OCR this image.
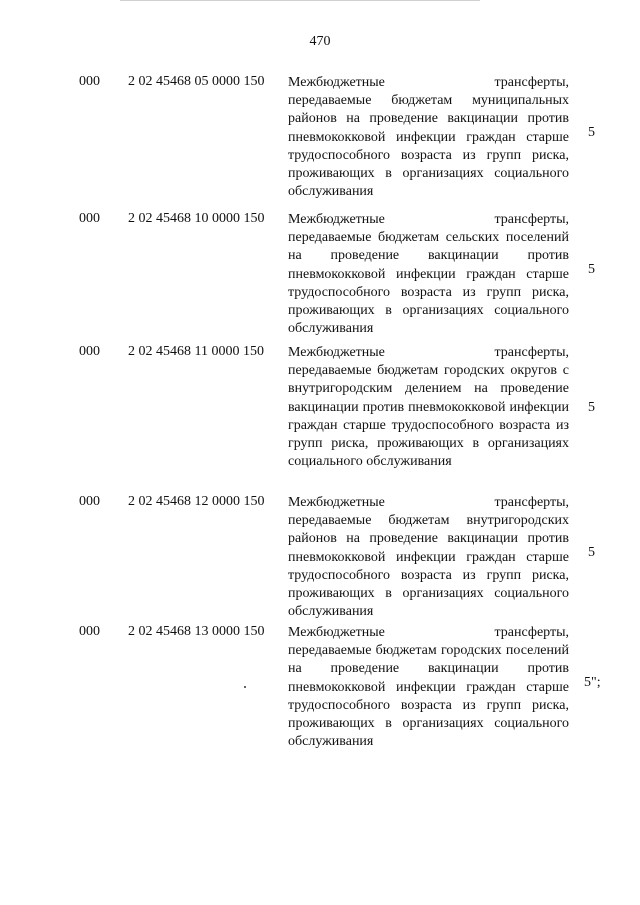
470
000 2 02 45468 05 0000 150 Межбюджетные трансферты,
передаваемые бюджетам муниципальных районов на проведение вакцинации против пневмококковой инфекции граждан старше трудоспособного возраста из групп риска, проживающих в организациях социального обслуживания
5
000 2 02 45468 10 0000 150 Межбюджетные трансферты,
передаваемые бюджетам сельских поселений на проведение вакцинации против пневмококковой инфекции граждан старше трудоспособного возраста из групп риска, проживающих в организациях социального обслуживания
5
000 2 02 45468 11 0000 150 Межбюджетные трансферты,
передаваемые бюджетам городских округов с внутригородским делением на проведение вакцинации против пневмококковой инфекции граждан старше трудоспособного возраста из групп риска, проживающих в организациях социального обслуживания
5
000 2 02 45468 12 0000 150 Межбюджетные трансферты,
передаваемые бюджетам внутригородских районов на проведение вакцинации против пневмококковой инфекции граждан старше трудоспособного возраста из групп риска, проживающих в организациях социального обслуживания
5
000 2 02 45468 13 0000 150 Межбюджетные трансферты,
передаваемые бюджетам городских поселений на проведение вакцинации против пневмококковой инфекции граждан старше трудоспособного возраста из групп риска, проживающих в организациях социального обслуживания
5";
